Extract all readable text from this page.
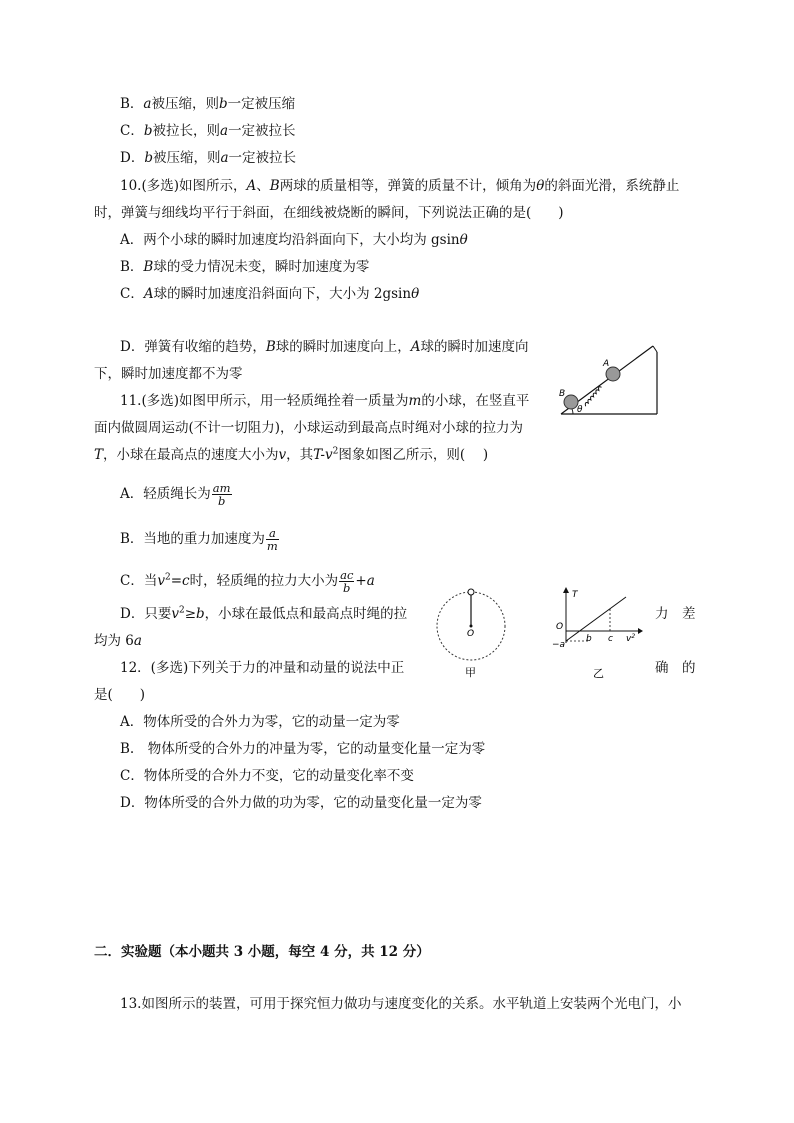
B．a被压缩，则b一定被压缩
C．b被拉长，则a一定被拉长
D．b被压缩，则a一定被拉长
10.(多选)如图所示，A、B两球的质量相等，弹簧的质量不计，倾角为θ的斜面光滑，系统静止
时，弹簧与细线均平行于斜面，在细线被烧断的瞬间，下列说法正确的是(　　)
A．两个小球的瞬时加速度均沿斜面向下，大小均为 gsinθ
B．B球的受力情况未变，瞬时加速度为零
C．A球的瞬时加速度沿斜面向下，大小为 2gsinθ
D．弹簧有收缩的趋势，B球的瞬时加速度向上，A球的瞬时加速度向
下，瞬时加速度都不为零
B
A
θ
11.(多选)如图甲所示，用一轻质绳拴着一质量为m的小球，在竖直平
面内做圆周运动(不计一切阻力)，小球运动到最高点时绳对小球的拉力为
T，小球在最高点的速度大小为v，其$T-v^2$图象如图乙所示，则(　 )
A．轻质绳长为 $\frac{am}{b}$
B．当地的重力加速度为 $\frac{a}{m}$
C．当$v^2=c$时，轻质绳的拉力大小为 $\frac{ac}{b} +a$
D．只要$v^2\ge b$，小球在最低点和最高点时绳的拉	力　差
均为 6a	O
甲
T
O
−a
b c $v^2$
乙
12．(多选)下列关于力的冲量和动量的说法中正	确　的
是(　　)
A．物体所受的合外力为零，它的动量一定为零
B.　物体所受的合外力的冲量为零，它的动量变化量一定为零
C．物体所受的合外力不变，它的动量变化率不变
D．物体所受的合外力做的功为零，它的动量变化量一定为零
二．实验题（本小题共 3 小题，每空 4 分，共 12 分）
13.如图所示的装置，可用于探究恒力做功与速度变化的关系。水平轨道上安装两个光电门，小
